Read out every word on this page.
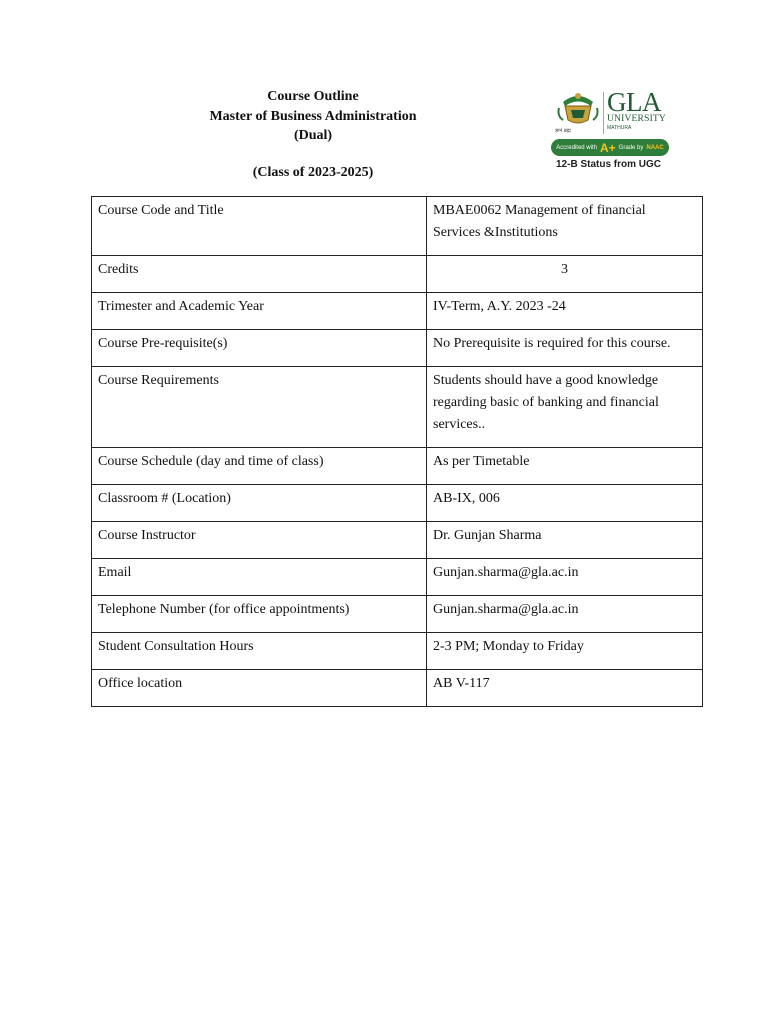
Course Outline
Master of Business Administration
(Dual)
(Class of 2023-2025)
GLA
UNIVERSITY
MATHURA
ज्ञानं ब्रह्म
Accredited with A+ Grade by NAAC
12-B Status from UGC
Course Code and Title	MBAE0062 Management of financial Services &Institutions
Credits	3
Trimester and Academic Year	IV-Term, A.Y. 2023 -24
Course Pre-requisite(s)	No Prerequisite is required for this course.
Course Requirements	Students should have a good knowledge regarding basic of banking and financial services..
Course Schedule (day and time of class)	As per Timetable
Classroom # (Location)	AB-IX, 006
Course Instructor	Dr. Gunjan Sharma
Email	Gunjan.sharma@gla.ac.in
Telephone Number (for office appointments)	Gunjan.sharma@gla.ac.in
Student Consultation Hours	2-3 PM; Monday to Friday
Office location	AB V-117
